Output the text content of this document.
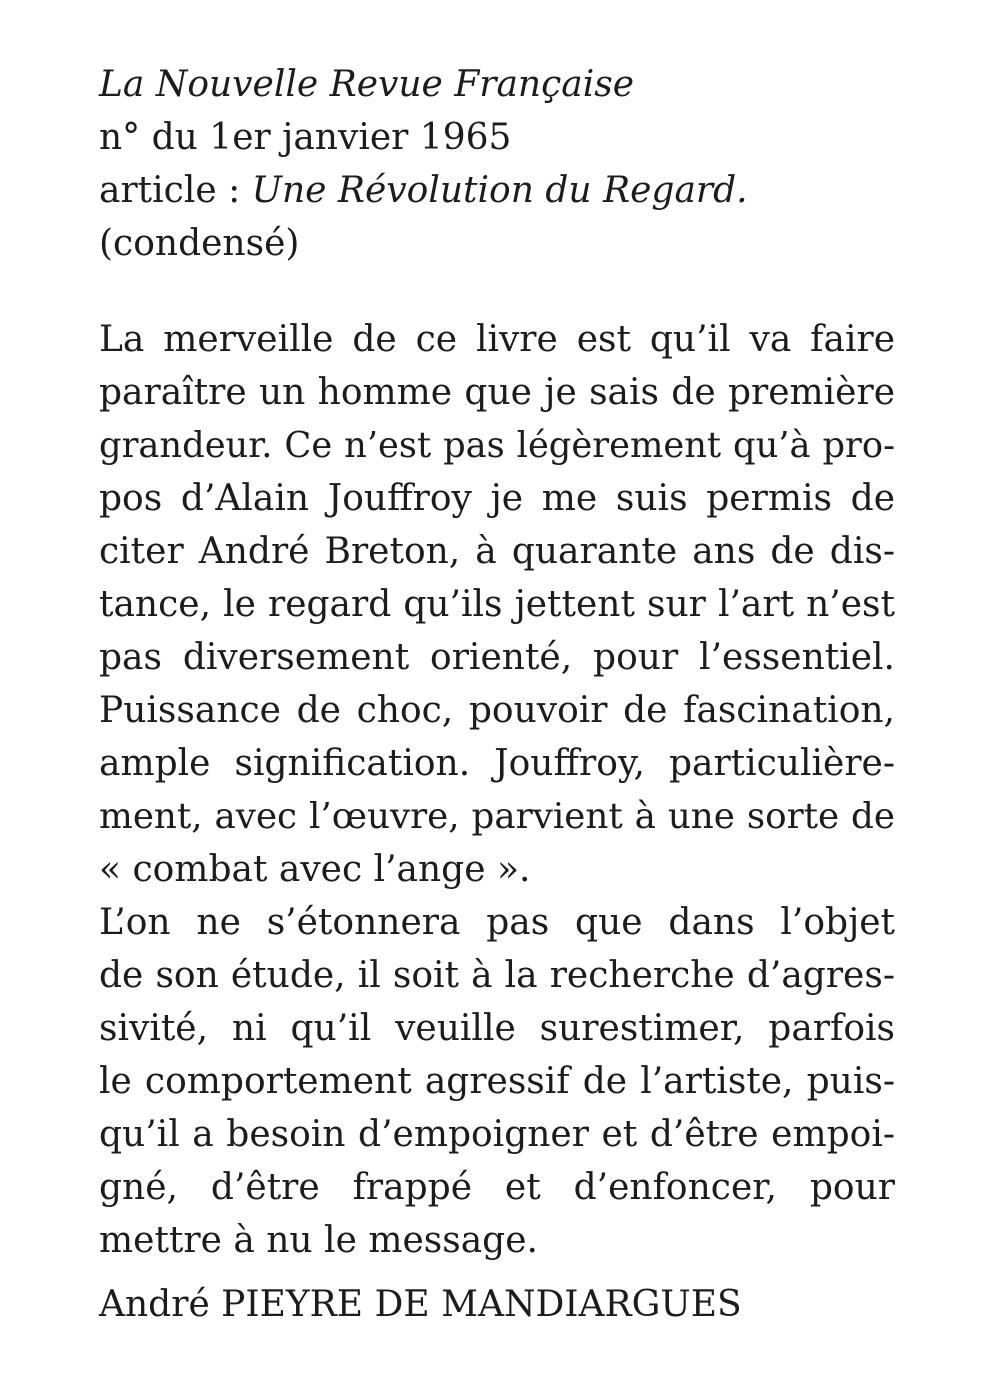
La Nouvelle Revue Française
n° du 1er janvier 1965
article : Une Révolution du Regard.
(condensé)
La merveille de ce livre est qu’il va faire
paraître un homme que je sais de première
grandeur. Ce n’est pas légèrement qu’à pro-
pos d’Alain Jouffroy je me suis permis de
citer André Breton, à quarante ans de dis-
tance, le regard qu’ils jettent sur l’art n’est
pas diversement orienté, pour l’essentiel.
Puissance de choc, pouvoir de fascination,
ample signification. Jouffroy, particulière-
ment, avec l’œuvre, parvient à une sorte de
« combat avec l’ange ».
L’on ne s’étonnera pas que dans l’objet
de son étude, il soit à la recherche d’agres-
sivité, ni qu’il veuille surestimer, parfois
le comportement agressif de l’artiste, puis-
qu’il a besoin d’empoigner et d’être empoi-
gné, d’être frappé et d’enfoncer, pour
mettre à nu le message.
André PIEYRE DE MANDIARGUES
